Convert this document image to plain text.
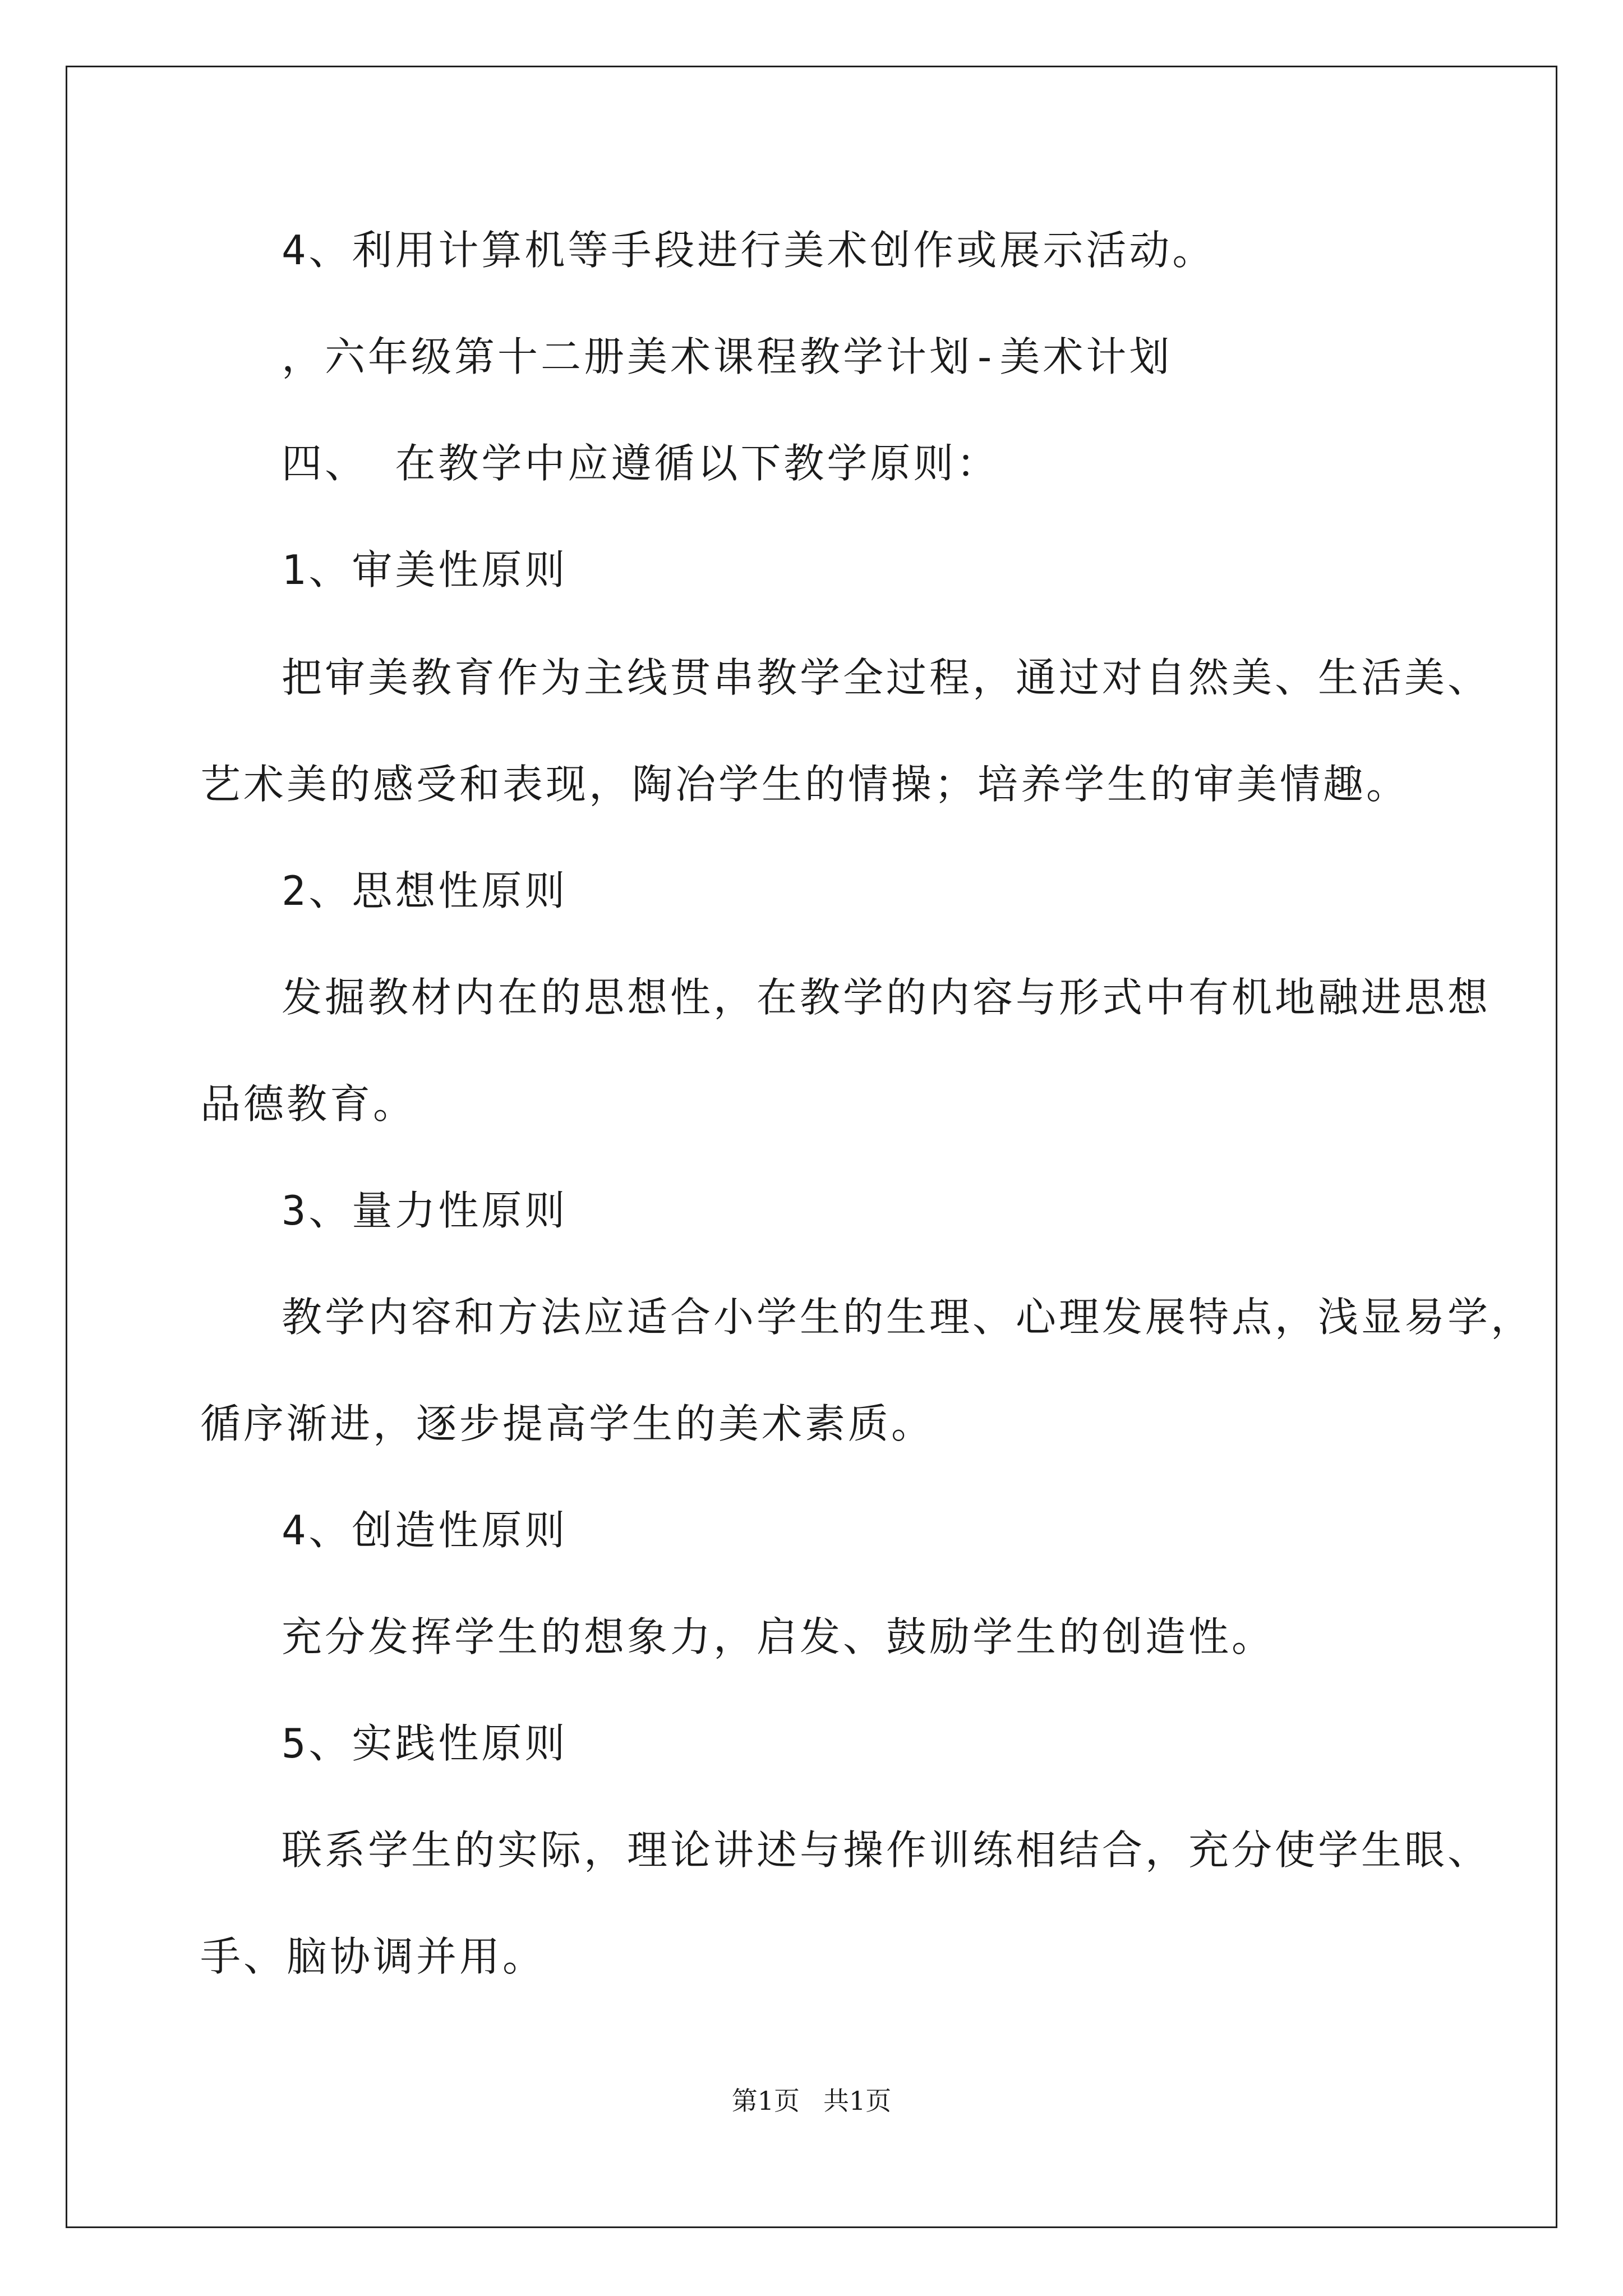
4、利用计算机等手段进行美术创作或展示活动。

，六年级第十二册美术课程教学计划-美术计划

四、 在教学中应遵循以下教学原则：

1、审美性原则

把审美教育作为主线贯串教学全过程，通过对自然美、生活美、

艺术美的感受和表现，陶冶学生的情操；培养学生的审美情趣。

2、思想性原则

发掘教材内在的思想性，在教学的内容与形式中有机地融进思想

品德教育。

3、量力性原则

教学内容和方法应适合小学生的生理、心理发展特点，浅显易学，

循序渐进，逐步提高学生的美术素质。

4、创造性原则

充分发挥学生的想象力，启发、鼓励学生的创造性。

5、实践性原则

联系学生的实际，理论讲述与操作训练相结合，充分使学生眼、

手、脑协调并用。

第1页 共1页
